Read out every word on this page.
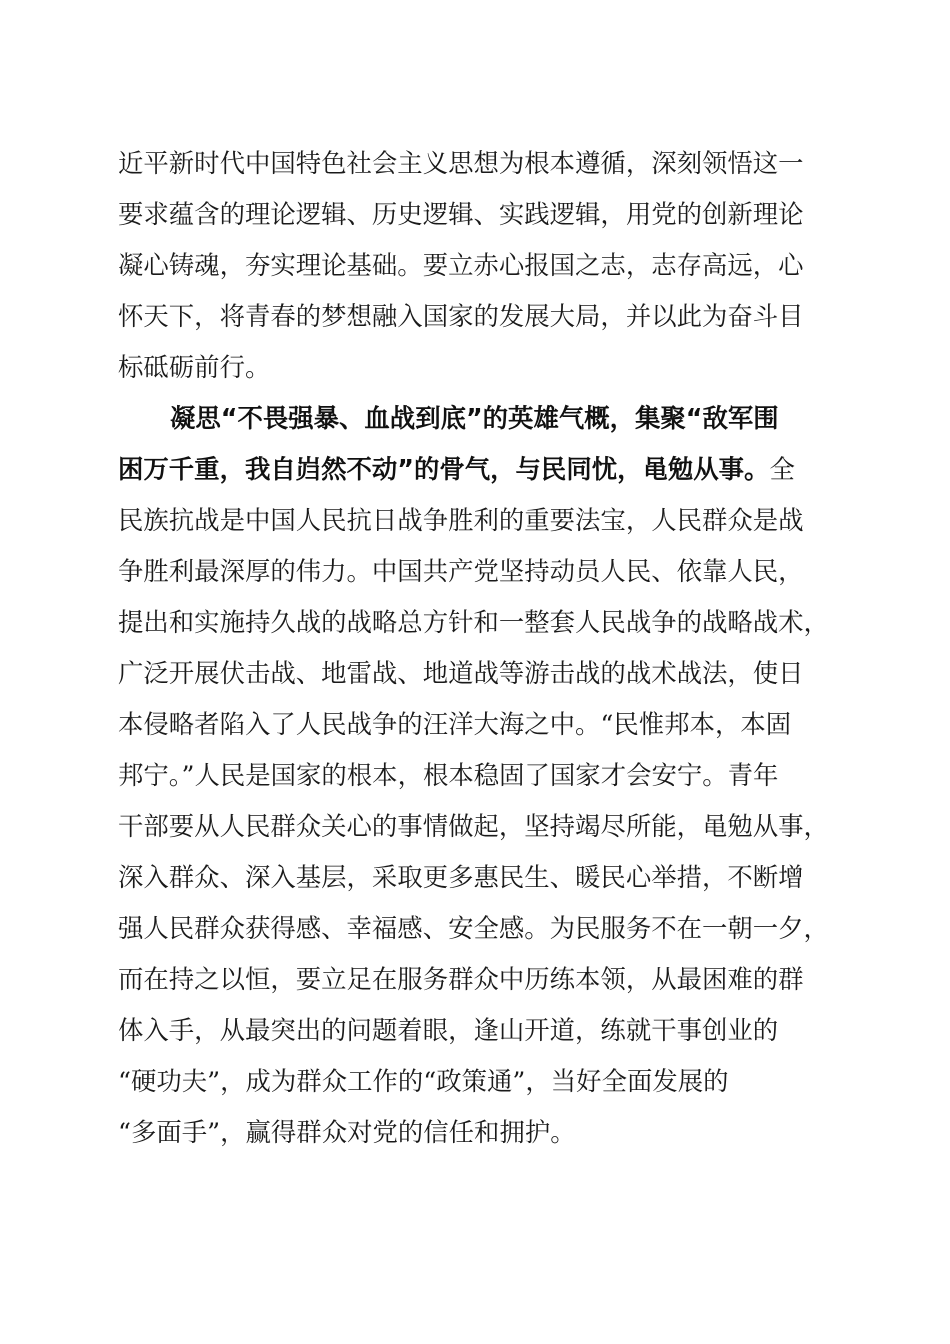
近平新时代中国特色社会主义思想为根本遵循，深刻领悟这一
要求蕴含的理论逻辑、历史逻辑、实践逻辑，用党的创新理论
凝心铸魂，夯实理论基础。要立赤心报国之志，志存高远，心
怀天下，将青春的梦想融入国家的发展大局，并以此为奋斗目
标砥砺前行。
凝思“不畏强暴、血战到底”的英雄气概，集聚“敌军围
困万千重，我自岿然不动”的骨气，与民同忧，黾勉从事。全
民族抗战是中国人民抗日战争胜利的重要法宝，人民群众是战
争胜利最深厚的伟力。中国共产党坚持动员人民、依靠人民，
提出和实施持久战的战略总方针和一整套人民战争的战略战术，
广泛开展伏击战、地雷战、地道战等游击战的战术战法，使日
本侵略者陷入了人民战争的汪洋大海之中。“民惟邦本，本固
邦宁。”人民是国家的根本，根本稳固了国家才会安宁。青年
干部要从人民群众关心的事情做起，坚持竭尽所能，黾勉从事，
深入群众、深入基层，采取更多惠民生、暖民心举措，不断增
强人民群众获得感、幸福感、安全感。为民服务不在一朝一夕，
而在持之以恒，要立足在服务群众中历练本领，从最困难的群
体入手，从最突出的问题着眼，逢山开道，练就干事创业的
“硬功夫”，成为群众工作的“政策通”，当好全面发展的
“多面手”，赢得群众对党的信任和拥护。
